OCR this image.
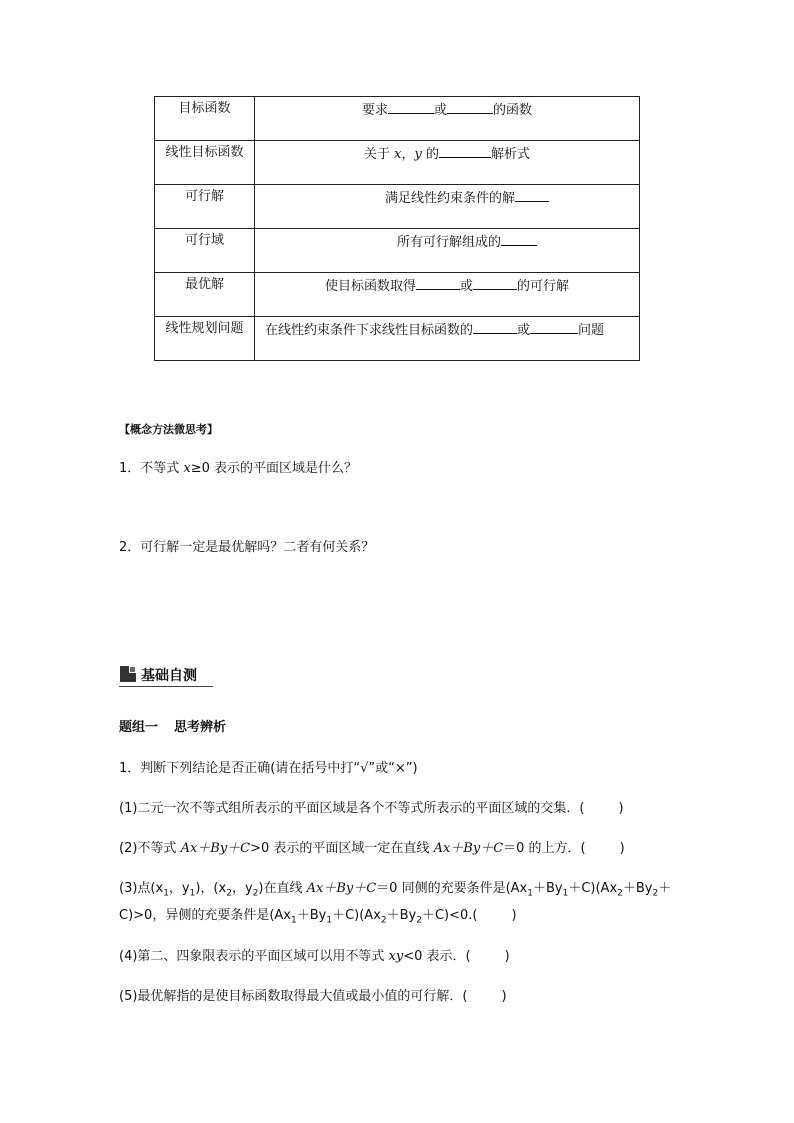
目标函数	要求 或 的函数
线性目标函数	关于 x，y 的 解析式
可行解	满足线性约束条件的解
可行域	所有可行解组成的
最优解	使目标函数取得 或 的可行解
线性规划问题	在线性约束条件下求线性目标函数的 或 问题
【概念方法微思考】
1．不等式 x≥0 表示的平面区域是什么？
2．可行解一定是最优解吗？二者有何关系？
基础自测
题组一 思考辨析
1．判断下列结论是否正确(请在括号中打“√”或“×”)
(1)二元一次不等式组所表示的平面区域是各个不等式所表示的平面区域的交集．(	)
(2)不等式 Ax＋By＋C>0 表示的平面区域一定在直线 Ax＋By＋C＝0 的上方．(	)
(3)点($x_1$，$y_1$)，($x_2$，$y_2$)在直线 Ax＋By＋C＝0 同侧的充要条件是$(Ax_1+By_1+C)(Ax_2+By_2+$
C)>0，异侧的充要条件是$(Ax_1+By_1+C)(Ax_2+By_2+C)<0$.(	)
(4)第二、四象限表示的平面区域可以用不等式 xy<0 表示．(	)
(5)最优解指的是使目标函数取得最大值或最小值的可行解．(	)
